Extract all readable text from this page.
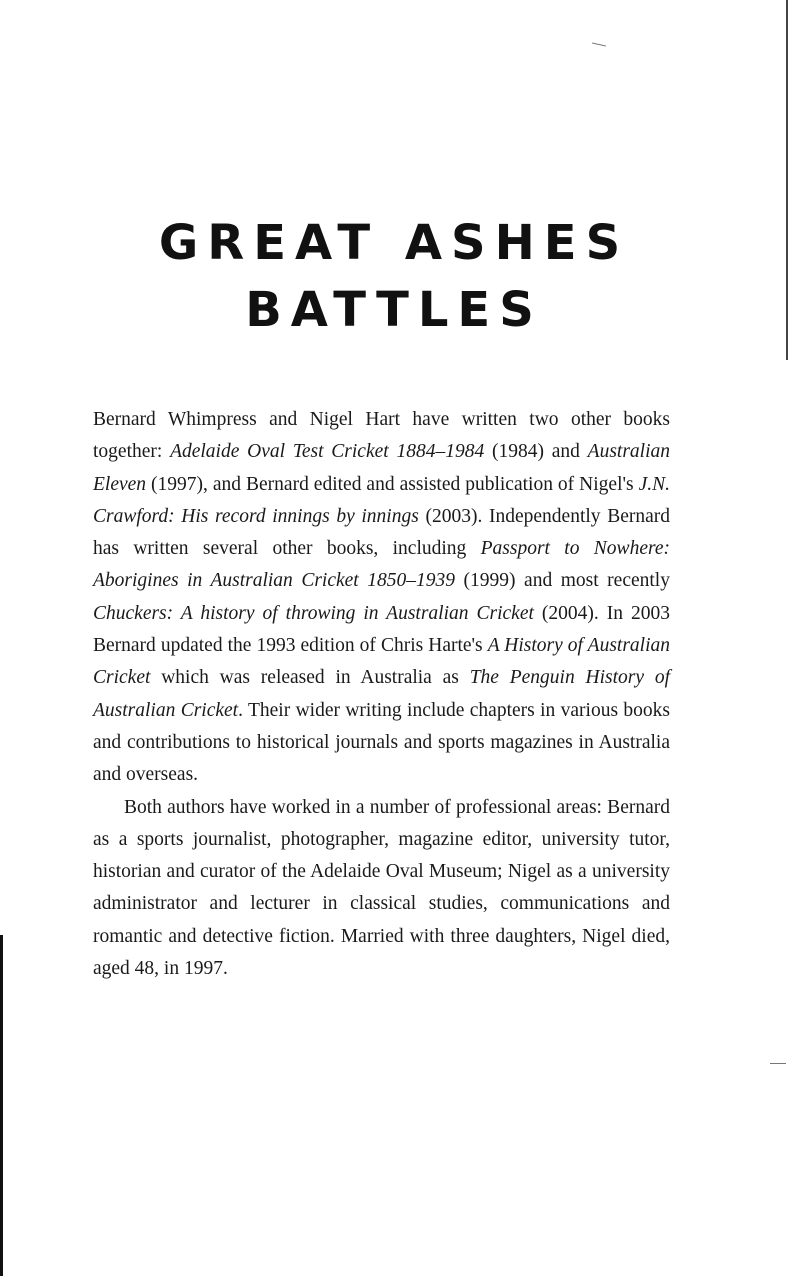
GREAT ASHES
BATTLES

Bernard Whimpress and Nigel Hart have written two other books together: Adelaide Oval Test Cricket 1884–1984 (1984) and Australian Eleven (1997), and Bernard edited and assisted publication of Nigel's J.N. Crawford: His record innings by innings (2003). Independently Bernard has written several other books, including Passport to Nowhere: Aborigines in Australian Cricket 1850–1939 (1999) and most recently Chuckers: A history of throwing in Australian Cricket (2004). In 2003 Bernard updated the 1993 edition of Chris Harte's A History of Australian Cricket which was released in Australia as The Penguin History of Australian Cricket. Their wider writing include chapters in various books and contributions to historical journals and sports magazines in Australia and overseas.

Both authors have worked in a number of professional areas: Bernard as a sports journalist, photographer, magazine editor, university tutor, historian and curator of the Adelaide Oval Museum; Nigel as a university administrator and lecturer in classical studies, communications and romantic and detective fiction. Married with three daughters, Nigel died, aged 48, in 1997.
